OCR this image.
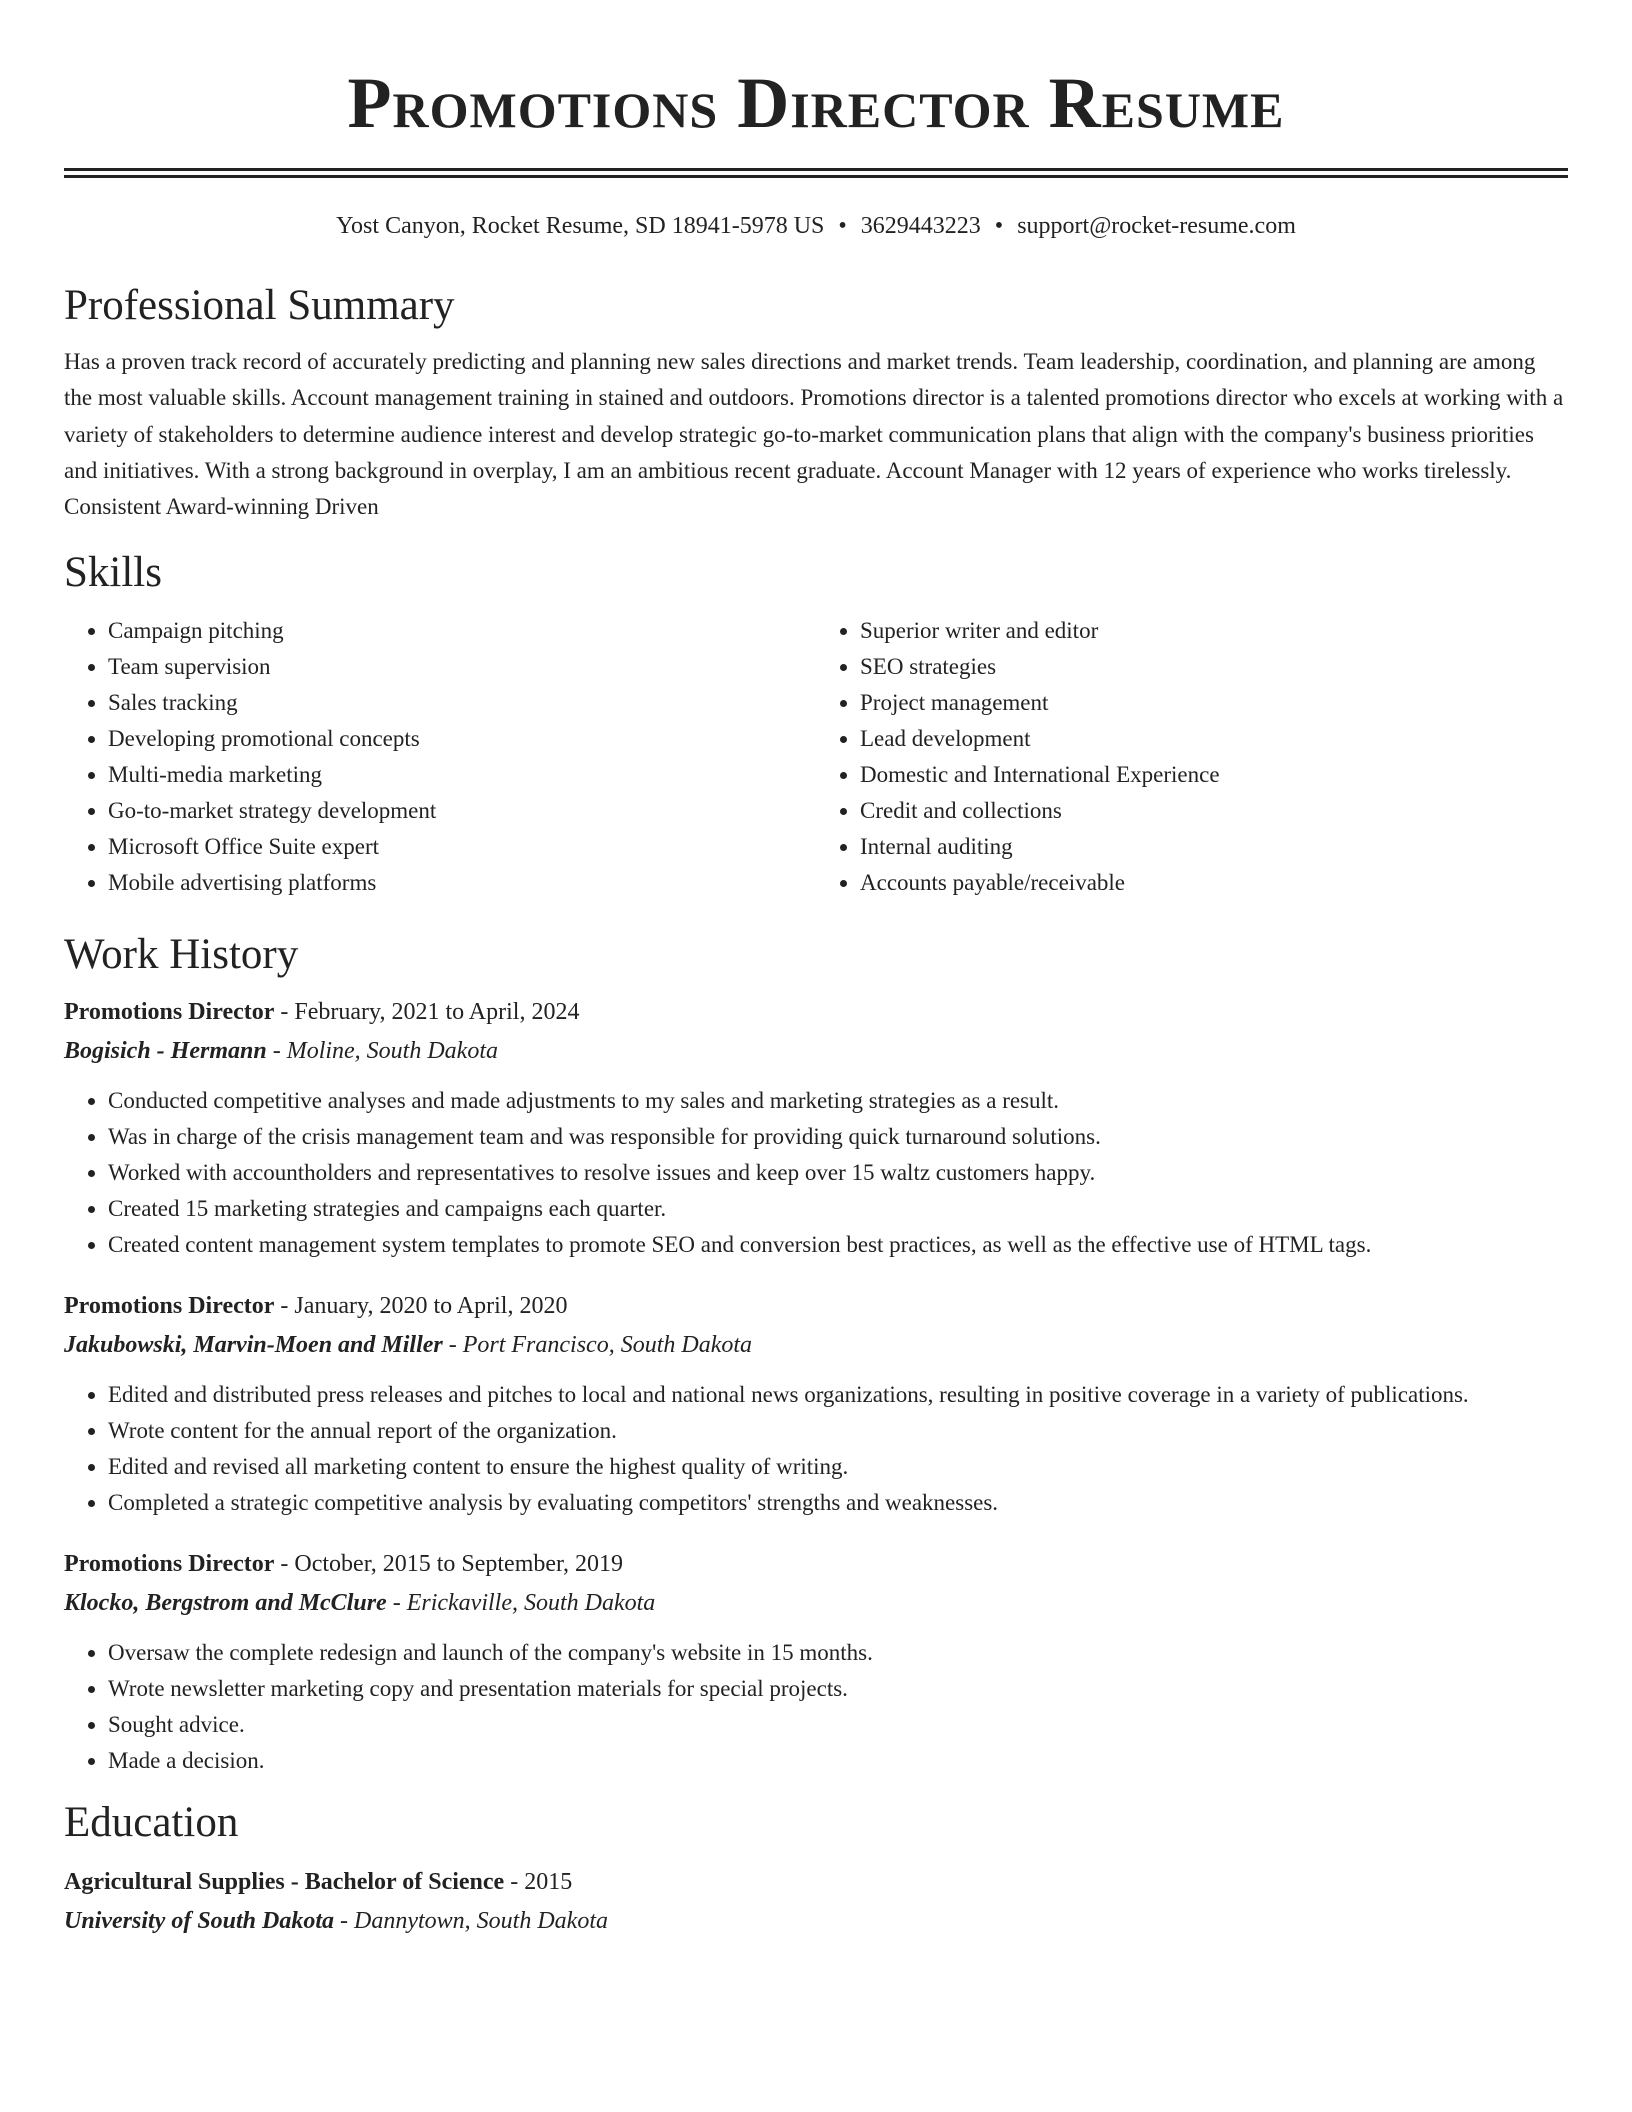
Promotions Director Resume
Yost Canyon, Rocket Resume, SD 18941-5978 US • 3629443223 • support@rocket-resume.com
Professional Summary

Has a proven track record of accurately predicting and planning new sales directions and market trends. Team leadership, coordination, and planning are among the most valuable skills. Account management training in stained and outdoors. Promotions director is a talented promotions director who excels at working with a variety of stakeholders to determine audience interest and develop strategic go-to-market communication plans that align with the company's business priorities and initiatives. With a strong background in overplay, I am an ambitious recent graduate. Account Manager with 12 years of experience who works tirelessly. Consistent Award-winning Driven

Skills
• Campaign pitching
• Team supervision
• Sales tracking
• Developing promotional concepts
• Multi-media marketing
• Go-to-market strategy development
• Microsoft Office Suite expert
• Mobile advertising platforms
• Superior writer and editor
• SEO strategies
• Project management
• Lead development
• Domestic and International Experience
• Credit and collections
• Internal auditing
• Accounts payable/receivable
Work History
Promotions Director - February, 2021 to April, 2024
Bogisich - Hermann - Moline, South Dakota
• Conducted competitive analyses and made adjustments to my sales and marketing strategies as a result.
• Was in charge of the crisis management team and was responsible for providing quick turnaround solutions.
• Worked with accountholders and representatives to resolve issues and keep over 15 waltz customers happy.
• Created 15 marketing strategies and campaigns each quarter.
• Created content management system templates to promote SEO and conversion best practices, as well as the effective use of HTML tags.
Promotions Director - January, 2020 to April, 2020
Jakubowski, Marvin-Moen and Miller - Port Francisco, South Dakota
• Edited and distributed press releases and pitches to local and national news organizations, resulting in positive coverage in a variety of publications.
• Wrote content for the annual report of the organization.
• Edited and revised all marketing content to ensure the highest quality of writing.
• Completed a strategic competitive analysis by evaluating competitors' strengths and weaknesses.
Promotions Director - October, 2015 to September, 2019
Klocko, Bergstrom and McClure - Erickaville, South Dakota
• Oversaw the complete redesign and launch of the company's website in 15 months.
• Wrote newsletter marketing copy and presentation materials for special projects.
• Sought advice.
• Made a decision.
Education
Agricultural Supplies - Bachelor of Science - 2015
University of South Dakota - Dannytown, South Dakota
